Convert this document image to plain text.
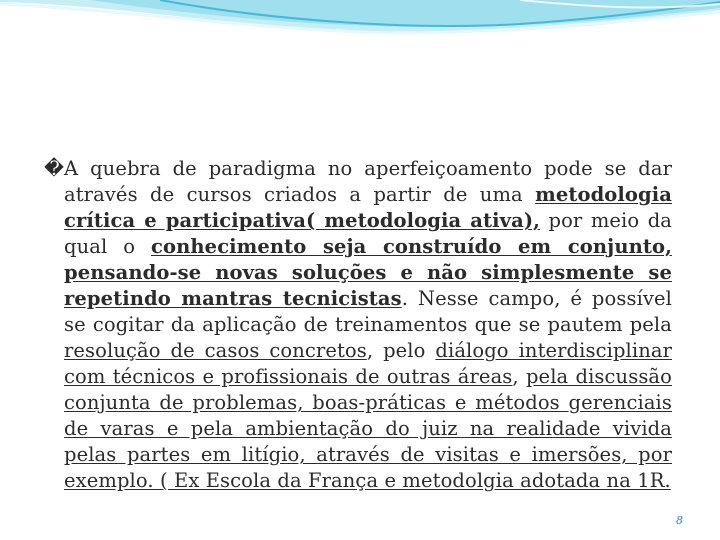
� A quebra de paradigma no aperfeiçoamento pode se dar através de cursos criados a partir de uma metodologia crítica e participativa( metodologia ativa), por meio da qual o conhecimento seja construído em conjunto, pensando-se novas soluções e não simplesmente se repetindo mantras tecnicistas. Nesse campo, é possível se cogitar da aplicação de treinamentos que se pautem pela resolução de casos concretos, pelo diálogo interdisciplinar com técnicos e profissionais de outras áreas, pela discussão conjunta de problemas, boas-práticas e métodos gerenciais de varas e pela ambientação do juiz na realidade vivida pelas partes em litígio, através de visitas e imersões, por exemplo. ( Ex Escola da França e metodolgia adotada na 1R.

8
